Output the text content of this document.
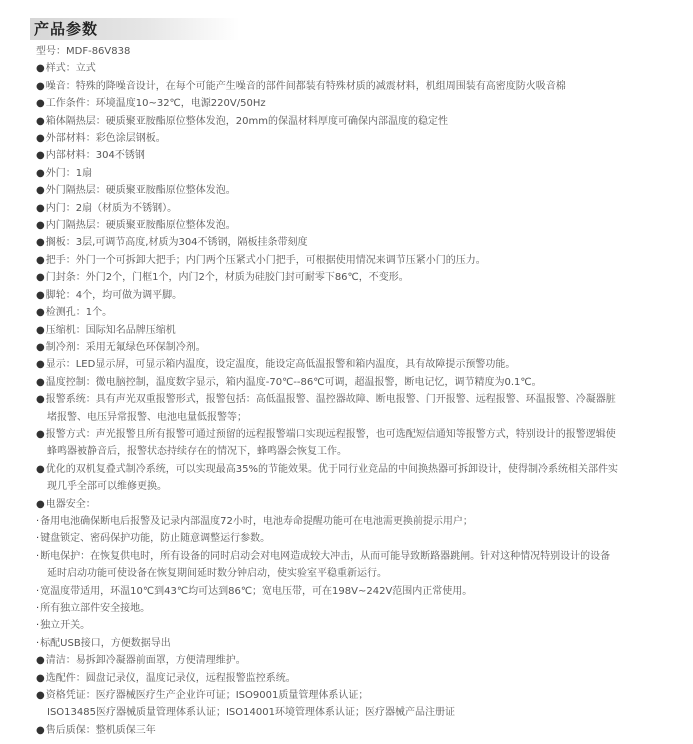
产品参数
型号：MDF-86V838
●样式：立式
●噪音：特殊的降噪音设计，在每个可能产生噪音的部件间都装有特殊材质的减震材料，机组周围装有高密度防火吸音棉
●工作条件：环境温度10~32℃，电源220V/50Hz
●箱体隔热层：硬质聚亚胺酯原位整体发泡，20mm的保温材料厚度可确保内部温度的稳定性
●外部材料：彩色涂层钢板。
●内部材料：304不锈钢
●外门：1扇
●外门隔热层：硬质聚亚胺酯原位整体发泡。
●内门：2扇（材质为不锈钢）。
●内门隔热层：硬质聚亚胺酯原位整体发泡。
●搁板：3层,可调节高度,材质为304不锈钢，隔板挂条带刻度
●把手：外门一个可拆卸大把手；内门两个压紧式小门把手，可根据使用情况来调节压紧小门的压力。
●门封条：外门2个，门框1个，内门2个，材质为硅胶门封可耐零下86℃，不变形。
●脚轮：4个，均可做为调平脚。
●检测孔：1个。
●压缩机：国际知名品牌压缩机
●制冷剂：采用无氟绿色环保制冷剂。
●显示：LED显示屏，可显示箱内温度，设定温度，能设定高低温报警和箱内温度，具有故障提示预警功能。
●温度控制：微电脑控制，温度数字显示，箱内温度-70℃--86℃可调，超温报警，断电记忆，调节精度为0.1℃。
●报警系统：具有声光双重报警形式，报警包括：高低温报警、温控器故障、断电报警、门开报警、远程报警、环温报警、冷凝器脏
堵报警、电压异常报警、电池电量低报警等；
●报警方式：声光报警且所有报警可通过预留的远程报警端口实现远程报警，也可选配短信通知等报警方式，特别设计的报警逻辑使
蜂鸣器被静音后，报警状态持续存在的情况下，蜂鸣器会恢复工作。
●优化的双机复叠式制冷系统，可以实现最高35%的节能效果。优于同行业竞品的中间换热器可拆卸设计，使得制冷系统相关部件实
现几乎全部可以维修更换。
●电器安全：
·备用电池确保断电后报警及记录内部温度72小时，电池寿命提醒功能可在电池需更换前提示用户；
·键盘锁定、密码保护功能，防止随意调整运行参数。
·断电保护：在恢复供电时，所有设备的同时启动会对电网造成较大冲击，从而可能导致断路器跳闸。针对这种情况特别设计的设备
延时启动功能可使设备在恢复期间延时数分钟启动，使实验室平稳重新运行。
·宽温度带适用，环温10℃到43℃均可达到86℃；宽电压带，可在198V~242V范围内正常使用。
·所有独立部件安全接地。
·独立开关。
·标配USB接口，方便数据导出
●清洁：易拆卸冷凝器前面罩，方便清理维护。
●选配件：圆盘记录仪，温度记录仪，远程报警监控系统。
●资格凭证：医疗器械医疗生产企业许可证；ISO9001质量管理体系认证；
ISO13485医疗器械质量管理体系认证；ISO14001环境管理体系认证；医疗器械产品注册证
●售后质保：整机质保三年
